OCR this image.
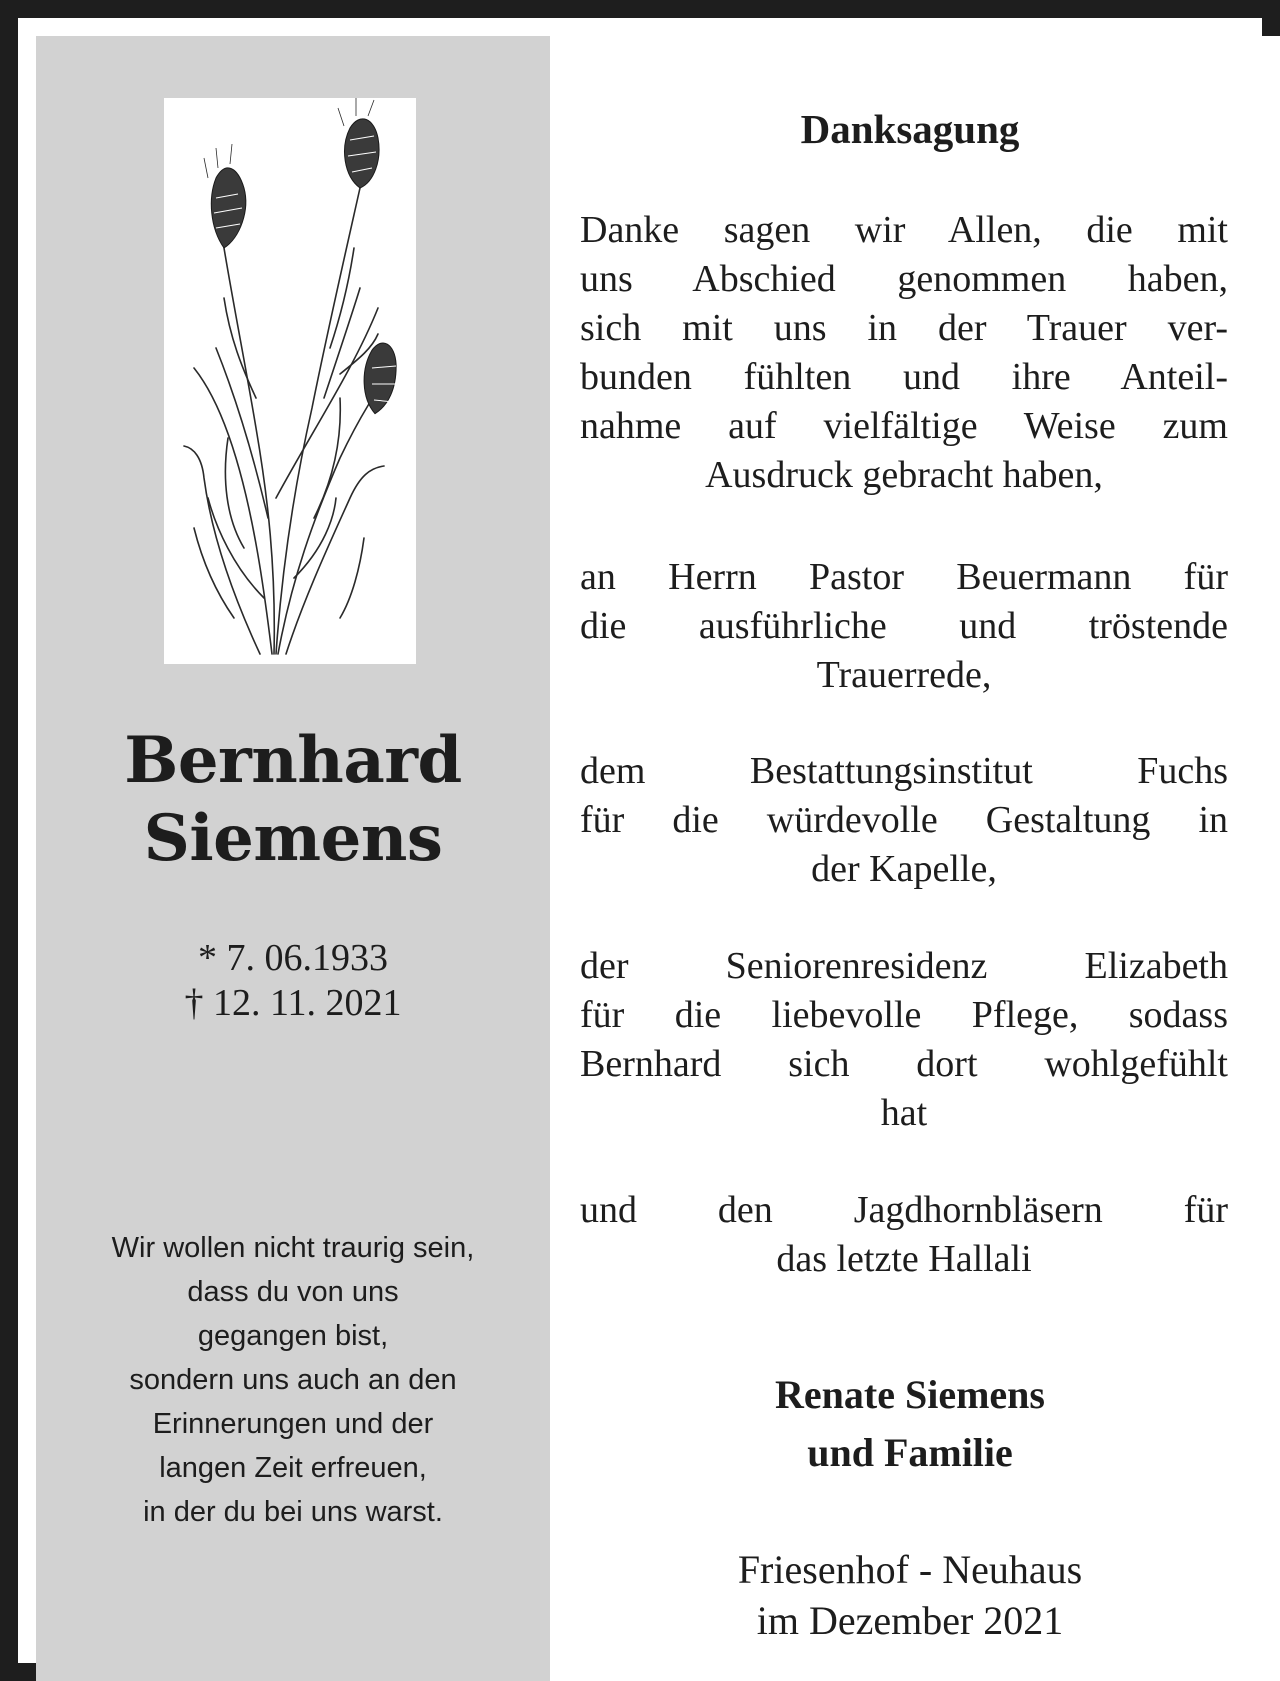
Bernhard
Siemens
* 7. 06.1933
† 12. 11. 2021
Wir wollen nicht traurig sein,
dass du von uns
gegangen bist,
sondern uns auch an den
Erinnerungen und der
langen Zeit erfreuen,
in der du bei uns warst.
Danksagung
Danke sagen wir Allen, die mit
uns Abschied genommen haben,
sich mit uns in der Trauer ver-
bunden fühlten und ihre Anteil-
nahme auf vielfältige Weise zum
Ausdruck gebracht haben,
an Herrn Pastor Beuermann für
die ausführliche und tröstende
Trauerrede,
dem Bestattungsinstitut Fuchs
für die würdevolle Gestaltung in
der Kapelle,
der Seniorenresidenz Elizabeth
für die liebevolle Pflege, sodass
Bernhard sich dort wohlgefühlt
hat
und den Jagdhornbläsern für
das letzte Hallali
Renate Siemens
und Familie
Friesenhof - Neuhaus
im Dezember 2021
